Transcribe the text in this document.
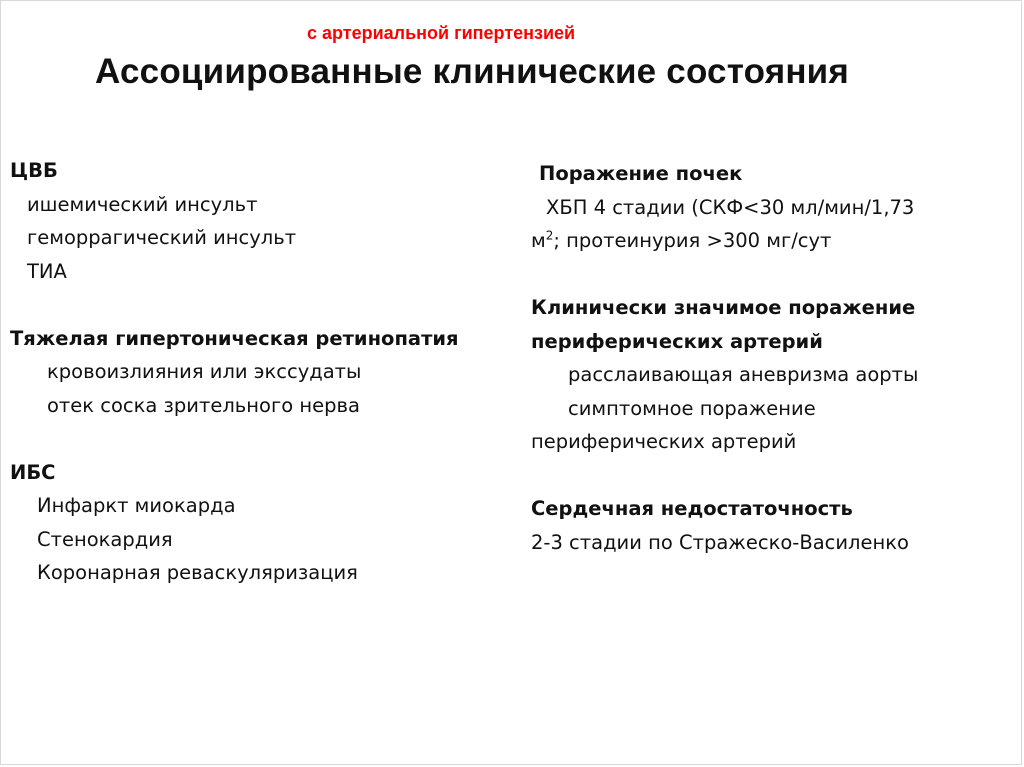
с артериальной гипертензией
Ассоциированные клинические состояния
ЦВБ
ишемический инсульт
геморрагический инсульт
ТИА
Тяжелая гипертоническая ретинопатия
кровоизлияния или экссудаты
отек соска зрительного нерва
ИБС
Инфаркт миокарда
Стенокардия
Коронарная реваскуляризация
Поражение почек
ХБП 4 стадии (СКФ<30 мл/мин/1,73
$м^2$; протеинурия >300 мг/сут
Клинически значимое поражение
периферических артерий
расслаивающая аневризма аорты
симптомное поражение
периферических артерий
Сердечная недостаточность
2-3 стадии по Стражеско-Василенко
